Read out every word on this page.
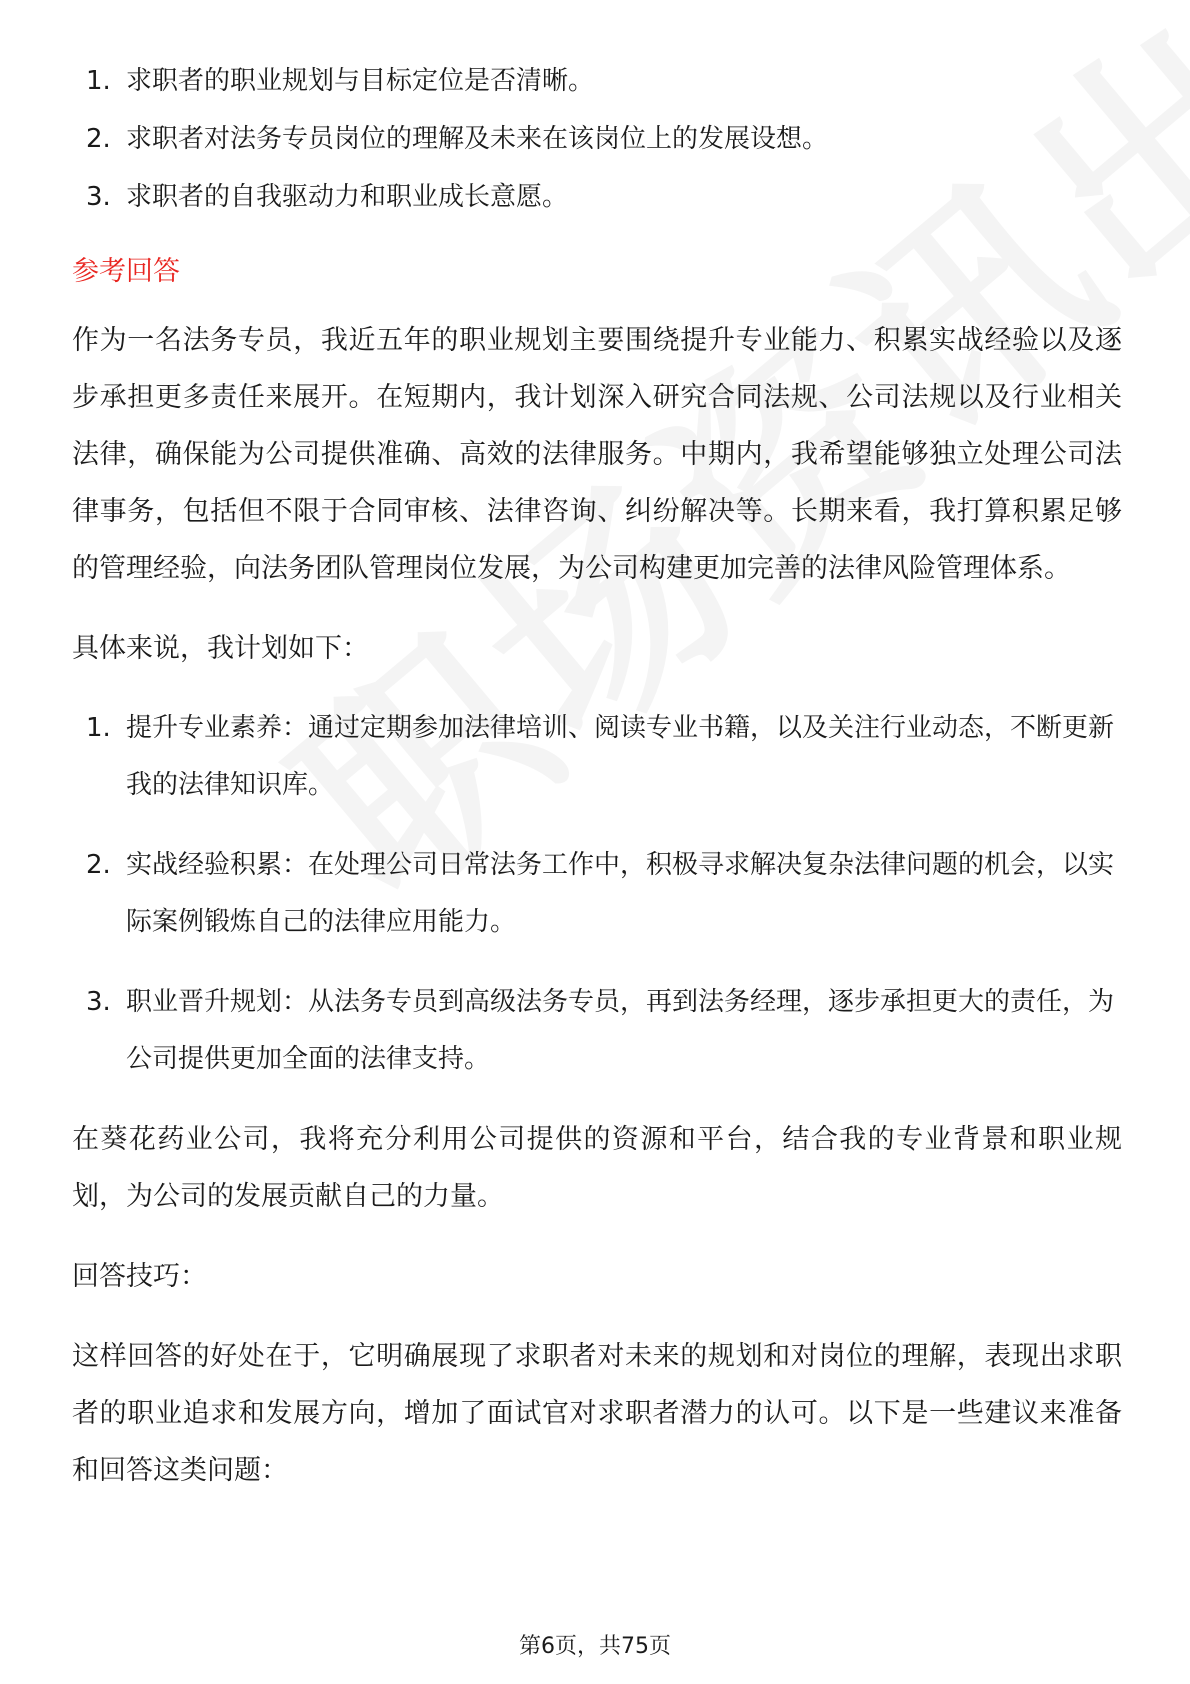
1. 求职者的职业规划与目标定位是否清晰。
2. 求职者对法务专员岗位的理解及未来在该岗位上的发展设想。
3. 求职者的自我驱动力和职业成长意愿。
参考回答

作为一名法务专员，我近五年的职业规划主要围绕提升专业能力、积累实战经验以及逐步承担更多责任来展开。在短期内，我计划深入研究合同法规、公司法规以及行业相关法律，确保能为公司提供准确、高效的法律服务。中期内，我希望能够独立处理公司法律事务，包括但不限于合同审核、法律咨询、纠纷解决等。长期来看，我打算积累足够的管理经验，向法务团队管理岗位发展，为公司构建更加完善的法律风险管理体系。

具体来说，我计划如下：

1. 提升专业素养：通过定期参加法律培训、阅读专业书籍，以及关注行业动态，不断更新我的法律知识库。
2. 实战经验积累：在处理公司日常法务工作中，积极寻求解决复杂法律问题的机会，以实际案例锻炼自己的法律应用能力。
3. 职业晋升规划：从法务专员到高级法务专员，再到法务经理，逐步承担更大的责任，为公司提供更加全面的法律支持。

在葵花药业公司，我将充分利用公司提供的资源和平台，结合我的专业背景和职业规划，为公司的发展贡献自己的力量。

回答技巧：

这样回答的好处在于，它明确展现了求职者对未来的规划和对岗位的理解，表现出求职者的职业追求和发展方向，增加了面试官对求职者潜力的认可。以下是一些建议来准备和回答这类问题：

第6页，共75页
